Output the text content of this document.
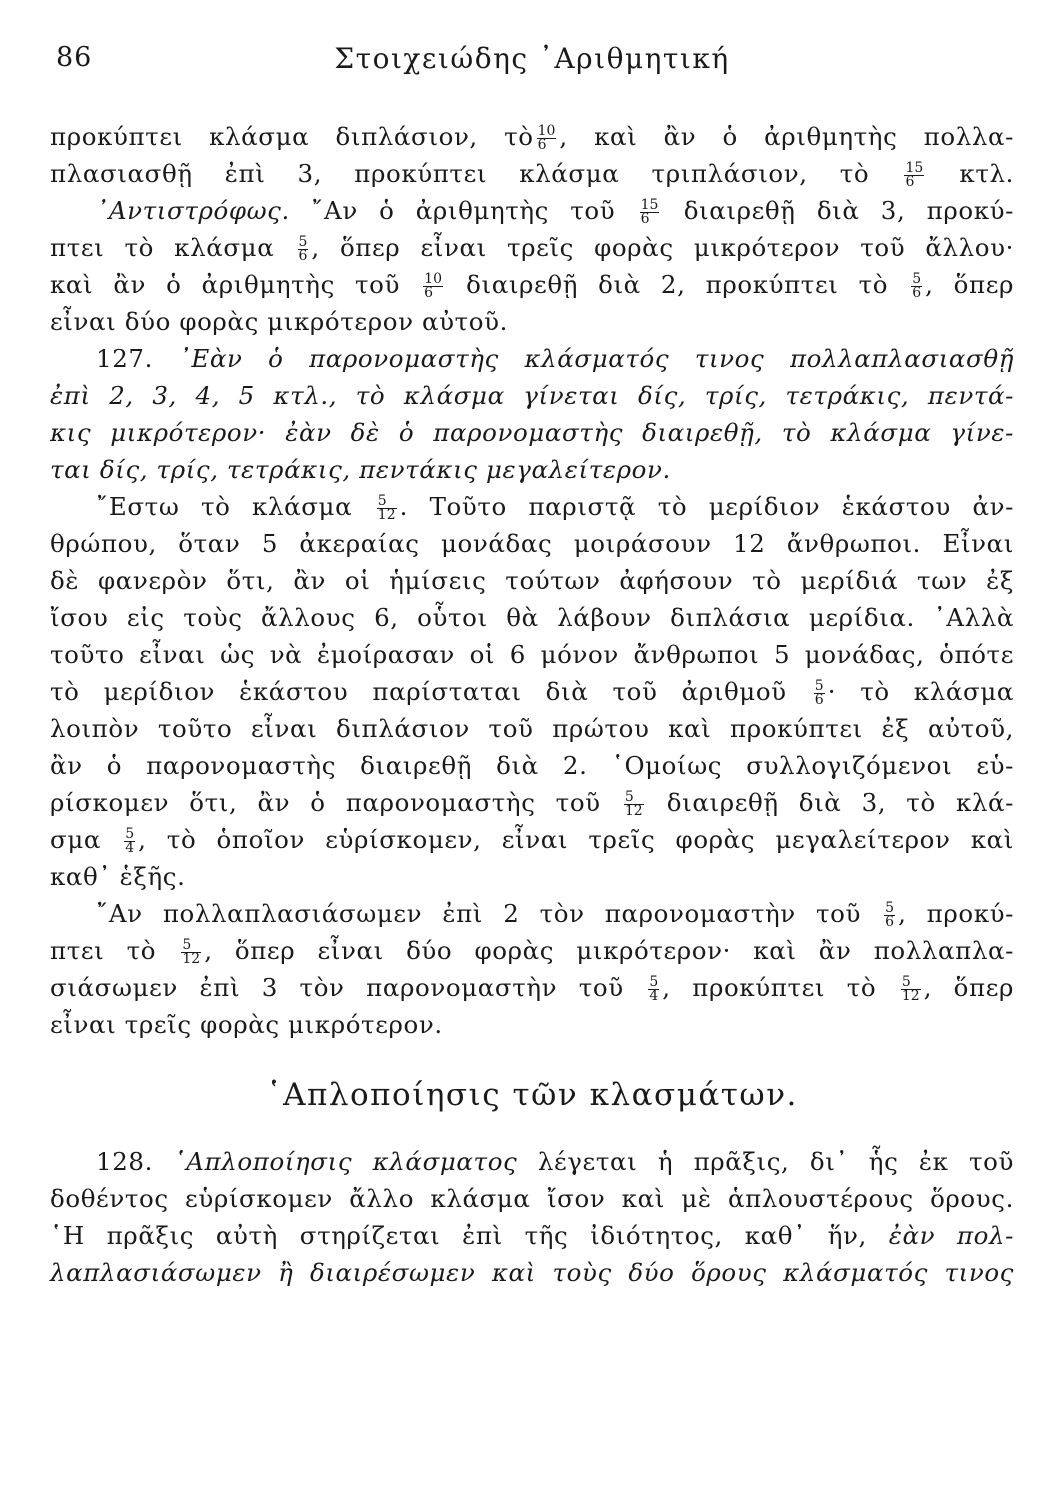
86	Στοιχειώδης ᾽Αριθμητική
προκύπτει κλάσμα διπλάσιον, τὸ $\frac{10}{6}$ , καὶ ἂν ὁ ἀριθμητὴς πολλα-
πλασιασθῇ ἐπὶ 3, προκύπτει κλάσμα τριπλάσιον, τὸ	$\frac{15}{6} \kappa\tau\lambda$.
᾽Αντιστρόφως. ῎Αν ὁ ἀριθμητὴς τοῦ $\frac{15}{6}$ διαιρεθῇ διὰ 3, προκύ-
πτει τὸ κλάσμα $\frac{5}{6}$ , ὅπερ εἶναι τρεῖς φορὰς μικρότερον τοῦ ἄλλου·
καὶ ἂν ὁ ἀριθμητὴς τοῦ $\frac{10}{6}$ διαιρεθῇ διὰ 2, προκύπτει τὸ $\frac{5}{6}$ , ὅπερ
εἶναι δύο φορὰς μικρότερον αὐτοῦ.
127. ᾽Εὰν ὁ παρονομαστὴς κλάσματός τινος πολλαπλασιασθῇ
ἐπὶ 2, 3, 4, 5 κτλ., τὸ κλάσμα γίνεται δίς, τρίς, τετράκις, πεντά-
κις μικρότερον· ἐὰν δὲ ὁ παρονομαστὴς διαιρεθῇ, τὸ κλάσμα γίνε-
ται δίς, τρίς, τετράκις, πεντάκις μεγαλείτερον.
῎Εστω τὸ κλάσμα $\frac{5}{12}$ . Τοῦτο παριστᾷ τὸ μερίδιον ἑκάστου ἀν-
θρώπου, ὅταν 5 ἀκεραίας μονάδας μοιράσουν 12 ἄνθρωποι. Εἶναι
δὲ φανερὸν ὅτι, ἂν οἱ ἡμίσεις τούτων ἀφήσουν τὸ μερίδιά των ἐξ
ἴσου εἰς τοὺς ἄλλους 6, οὗτοι θὰ λάβουν διπλάσια μερίδια. ᾽Αλλὰ
τοῦτο εἶναι ὡς νὰ ἐμοίρασαν οἱ 6 μόνον ἄνθρωποι 5 μονάδας, ὁπότε
τὸ μερίδιον ἑκάστου παρίσταται διὰ τοῦ ἀριθμοῦ $\frac{5}{6}$ · τὸ κλάσμα
λοιπὸν τοῦτο εἶναι διπλάσιον τοῦ πρώτου καὶ προκύπτει ἐξ αὐτοῦ,
ἂν ὁ παρονομαστὴς διαιρεθῇ διὰ 2. ῾Ομοίως συλλογιζόμενοι εὑ-
ρίσκομεν ὅτι, ἂν ὁ παρονομαστὴς τοῦ $\frac{5}{12}$ διαιρεθῇ διὰ 3, τὸ κλά-
σμα $\frac{5}{4}$ , τὸ ὁποῖον εὑρίσκομεν, εἶναι τρεῖς φορὰς μεγαλείτερον καὶ
καθ᾽ ἑξῆς.
῎Αν πολλαπλασιάσωμεν ἐπὶ 2 τὸν παρονομαστὴν τοῦ $\frac{5}{6}$ , προκύ-
πτει τὸ $\frac{5}{12}$ , ὅπερ εἶναι δύο φορὰς μικρότερον· καὶ ἂν πολλαπλα-
σιάσωμεν ἐπὶ 3 τὸν παρονομαστὴν τοῦ $\frac{5}{4}$ , προκύπτει τὸ $\frac{5}{12}$ , ὅπερ
εἶναι τρεῖς φορὰς μικρότερον.
῾Απλοποίησις τῶν κλασμάτων.
128. ῾Απλοποίησις κλάσματος λέγεται ἡ πρᾶξις, δι᾽ ἧς ἐκ τοῦ
δοθέντος εὑρίσκομεν ἄλλο κλάσμα ἴσον καὶ μὲ ἁπλουστέρους ὅρους.
῾Η πρᾶξις αὐτὴ στηρίζεται ἐπὶ τῆς ἰδιότητος, καθ᾽ ἥν, ἐὰν πολ-
λαπλασιάσωμεν ἢ διαιρέσωμεν καὶ τοὺς δύο ὅρους κλάσματός τινος
